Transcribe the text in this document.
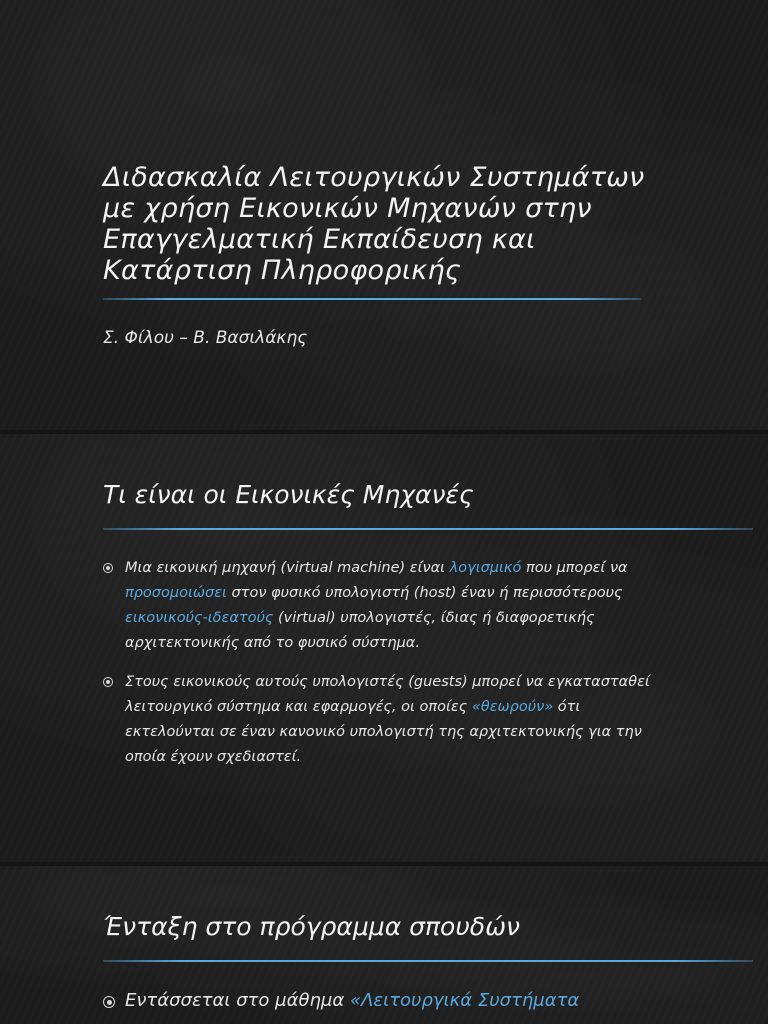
Διδασκαλία Λειτουργικών Συστημάτων
με χρήση Εικονικών Μηχανών στην
Επαγγελματική Εκπαίδευση και
Κατάρτιση Πληροφορικής

Σ. Φίλου – Β. Βασιλάκης

Τι είναι οι Εικονικές Μηχανές
Μια εικονική μηχανή (virtual machine) είναι λογισμικό που μπορεί να προσομοιώσει στον φυσικό υπολογιστή (host) έναν ή περισσότερους εικονικούς-ιδεατούς (virtual) υπολογιστές, ίδιας ή διαφορετικής αρχιτεκτονικής από το φυσικό σύστημα.
Στους εικονικούς αυτούς υπολογιστές (guests) μπορεί να εγκατασταθεί λειτουργικό σύστημα και εφαρμογές, οι οποίες «θεωρούν» ότι εκτελούνται σε έναν κανονικό υπολογιστή της αρχιτεκτονικής για την οποία έχουν σχεδιαστεί.
Ένταξη στο πρόγραμμα σπουδών
Εντάσσεται στο μάθημα «Λειτουργικά Συστήματα
